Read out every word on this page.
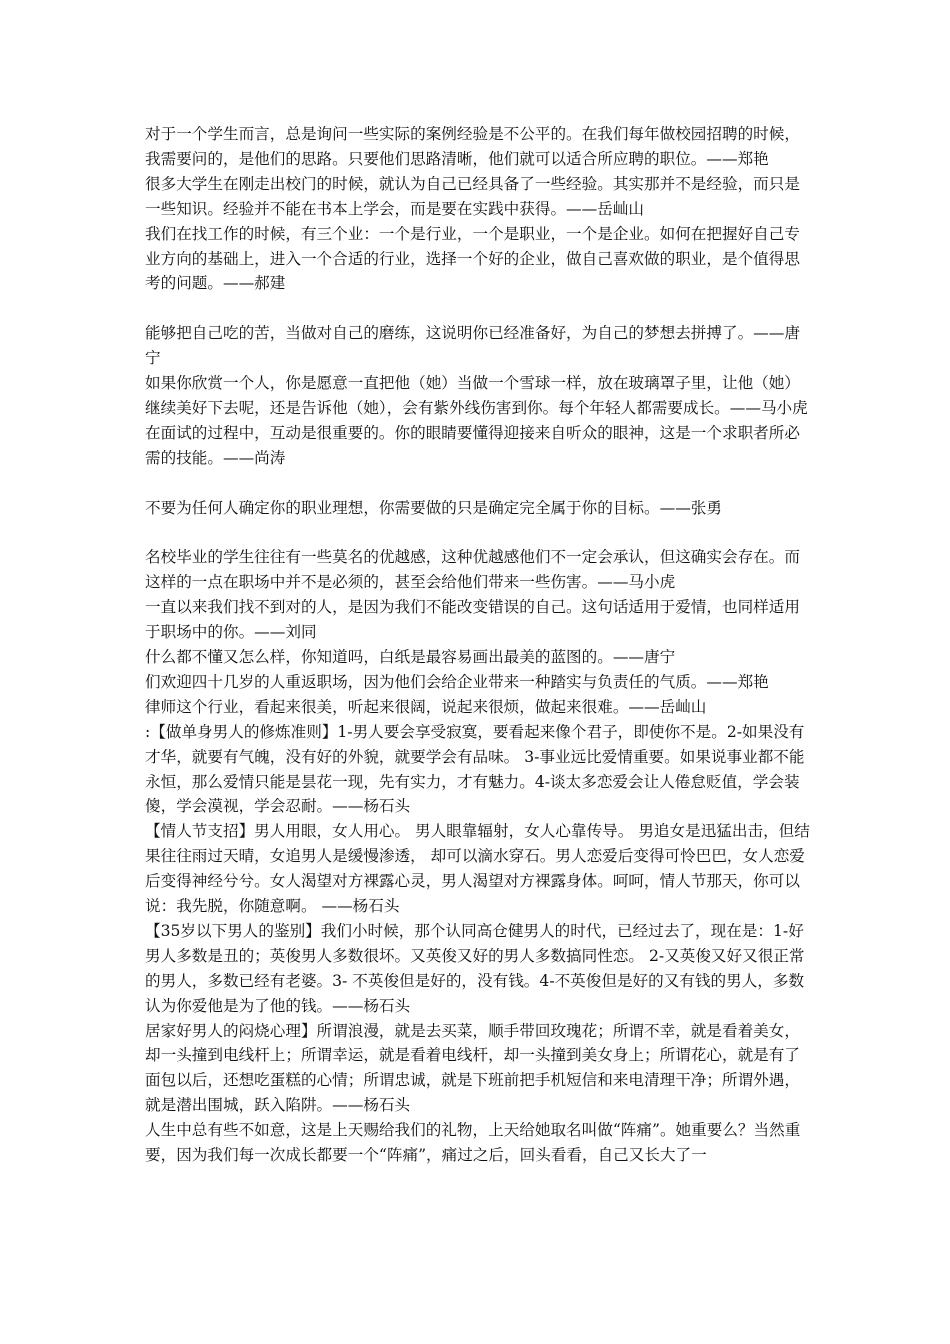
对于一个学生而言，总是询问一些实际的案例经验是不公平的。在我们每年做校园招聘的时候，我需要问的，是他们的思路。只要他们思路清晰，他们就可以适合所应聘的职位。——郑艳

很多大学生在刚走出校门的时候，就认为自己已经具备了一些经验。其实那并不是经验，而只是一些知识。经验并不能在书本上学会，而是要在实践中获得。——岳屾山

我们在找工作的时候，有三个业：一个是行业，一个是职业，一个是企业。如何在把握好自己专业方向的基础上，进入一个合适的行业，选择一个好的企业，做自己喜欢做的职业，是个值得思考的问题。——郝建

能够把自己吃的苦，当做对自己的磨练，这说明你已经准备好，为自己的梦想去拼搏了。——唐宁

如果你欣赏一个人，你是愿意一直把他（她）当做一个雪球一样，放在玻璃罩子里，让他（她）继续美好下去呢，还是告诉他（她），会有紫外线伤害到你。每个年轻人都需要成长。——马小虎

在面试的过程中，互动是很重要的。你的眼睛要懂得迎接来自听众的眼神，这是一个求职者所必需的技能。——尚涛

不要为任何人确定你的职业理想，你需要做的只是确定完全属于你的目标。——张勇

名校毕业的学生往往有一些莫名的优越感，这种优越感他们不一定会承认，但这确实会存在。而这样的一点在职场中并不是必须的，甚至会给他们带来一些伤害。——马小虎

一直以来我们找不到对的人，是因为我们不能改变错误的自己。这句话适用于爱情，也同样适用于职场中的你。——刘同

什么都不懂又怎么样，你知道吗，白纸是最容易画出最美的蓝图的。——唐宁

们欢迎四十几岁的人重返职场，因为他们会给企业带来一种踏实与负责任的气质。——郑艳

律师这个行业，看起来很美，听起来很阔，说起来很烦，做起来很难。——岳屾山

:【做单身男人的修炼准则】1-男人要会享受寂寞，要看起来像个君子，即使你不是。2-如果没有才华，就要有气魄，没有好的外貌，就要学会有品味。 3-事业远比爱情重要。如果说事业都不能永恒，那么爱情只能是昙花一现，先有实力，才有魅力。4-谈太多恋爱会让人倦怠贬值，学会装傻，学会漠视，学会忍耐。——杨石头

【情人节支招】男人用眼，女人用心。 男人眼靠辐射，女人心靠传导。 男追女是迅猛出击，但结果往往雨过天晴，女追男人是缓慢渗透， 却可以滴水穿石。男人恋爱后变得可怜巴巴，女人恋爱后变得神经兮兮。女人渴望对方裸露心灵，男人渴望对方裸露身体。呵呵，情人节那天，你可以说：我先脱，你随意啊。 ——杨石头

【35岁以下男人的鉴别】我们小时候，那个认同高仓健男人的时代，已经过去了，现在是：1-好男人多数是丑的；英俊男人多数很坏。又英俊又好的男人多数搞同性恋。 2-又英俊又好又很正常的男人，多数已经有老婆。3- 不英俊但是好的，没有钱。4-不英俊但是好的又有钱的男人，多数认为你爱他是为了他的钱。——杨石头

居家好男人的闷烧心理】所谓浪漫，就是去买菜，顺手带回玫瑰花；所谓不幸，就是看着美女，却一头撞到电线杆上；所谓幸运，就是看着电线杆，却一头撞到美女身上；所谓花心，就是有了面包以后，还想吃蛋糕的心情；所谓忠诚，就是下班前把手机短信和来电清理干净；所谓外遇，就是潜出围城，跃入陷阱。——杨石头

人生中总有些不如意，这是上天赐给我们的礼物，上天给她取名叫做“阵痛”。她重要么？当然重要，因为我们每一次成长都要一个“阵痛”，痛过之后，回头看看，自己又长大了一
